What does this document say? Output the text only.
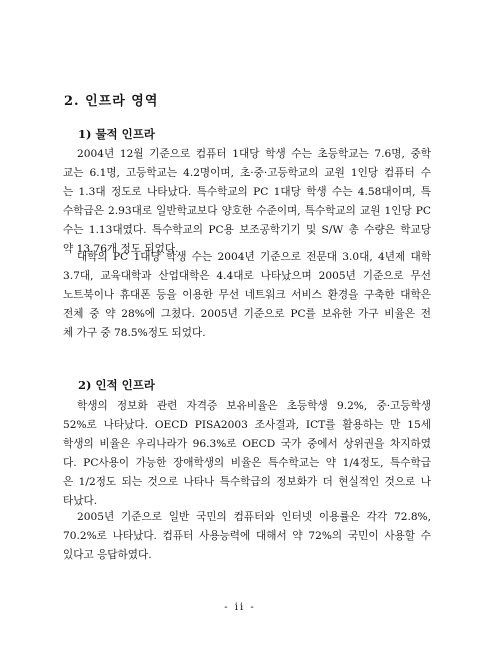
2. 인프라 영역
1) 물적 인프라
2004년 12월 기준으로 컴퓨터 1대당 학생 수는 초등학교는 7.6명, 중학
교는 6.1명, 고등학교는 4.2명이며, 초·중·고등학교의 교원 1인당 컴퓨터 수
는 1.3대 정도로 나타났다. 특수학교의 PC 1대당 학생 수는 4.58대이며, 특
수학급은 2.93대로 일반학교보다 양호한 수준이며, 특수학교의 교원 1인당 PC
수는 1.13대였다. 특수학교의 PC용 보조공학기기 및 S/W 총 수량은 학교당
약 13.76개 정도 되었다.
대학의 PC 1대당 학생 수는 2004년 기준으로 전문대 3.0대, 4년제 대학
3.7대, 교육대학과 산업대학은 4.4대로 나타났으며 2005년 기준으로 무선
노트북이나 휴대폰 등을 이용한 무선 네트워크 서비스 환경을 구축한 대학은
전체 중 약 28%에 그쳤다. 2005년 기준으로 PC를 보유한 가구 비율은 전
체 가구 중 78.5%정도 되었다.
2) 인적 인프라
학생의 정보화 관련 자격증 보유비율은 초등학생 9.2%, 중·고등학생
52%로 나타났다. OECD PISA2003 조사결과, ICT를 활용하는 만 15세
학생의 비율은 우리나라가 96.3%로 OECD 국가 중에서 상위권을 차지하였
다. PC사용이 가능한 장애학생의 비율은 특수학교는 약 1/4정도, 특수학급
은 1/2정도 되는 것으로 나타나 특수학급의 정보화가 더 현실적인 것으로 나
타났다.
2005년 기준으로 일반 국민의 컴퓨터와 인터넷 이용률은 각각 72.8%,
70.2%로 나타났다. 컴퓨터 사용능력에 대해서 약 72%의 국민이 사용할 수
있다고 응답하였다.
- ii -
